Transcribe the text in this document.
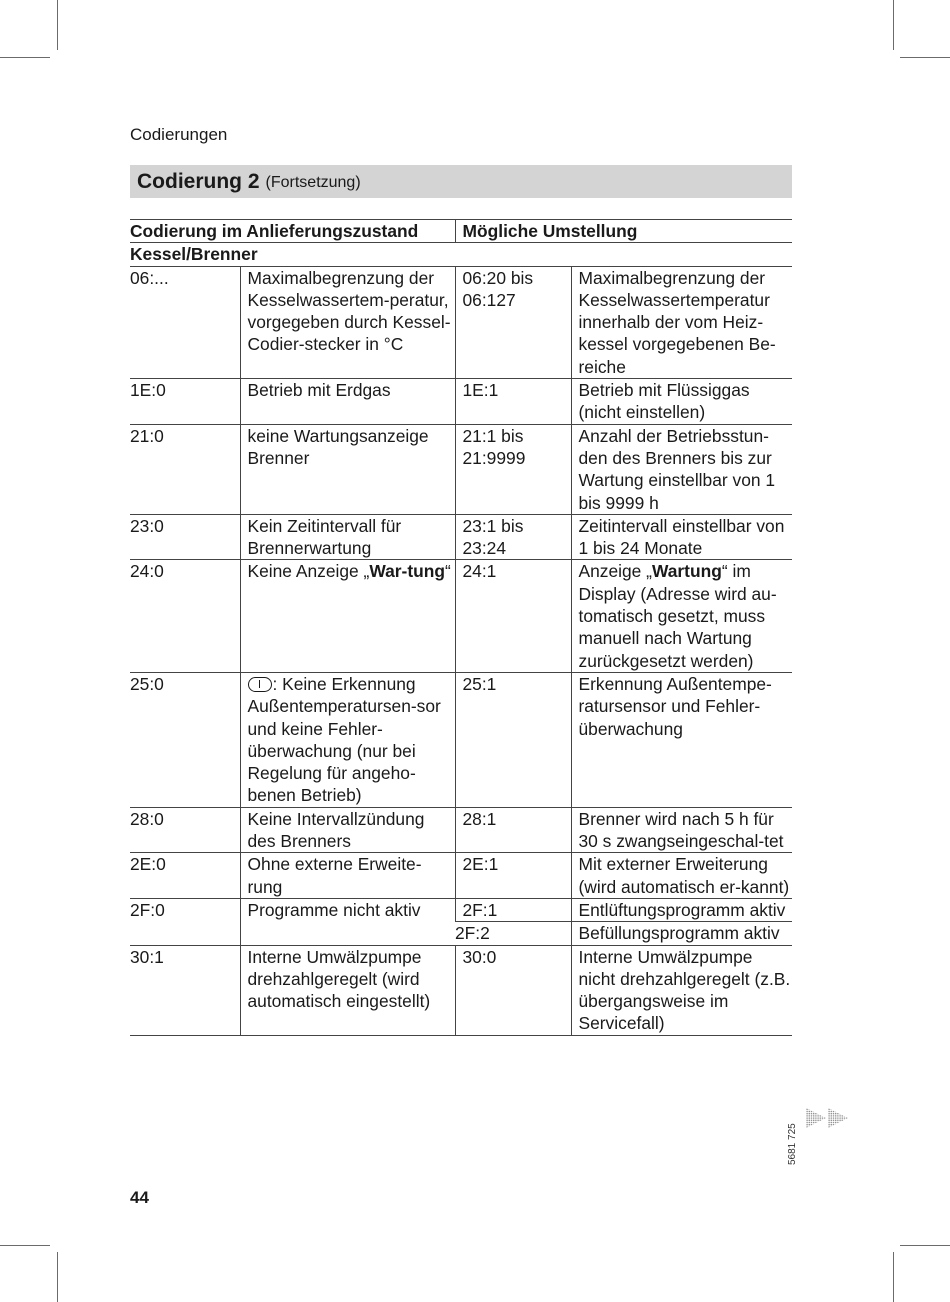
Codierungen
Codierung 2 (Fortsetzung)
Codierung im Anlieferungszustand		Mögliche Umstellung	
Kessel/Brenner			
06:...	Maximalbegrenzung der Kesselwassertem-peratur, vorgegeben durch Kessel-Codier-stecker in °C	06:20 bis 06:127	Maximalbegrenzung der Kesselwassertemperatur innerhalb der vom Heiz-kessel vorgegebenen Be-reiche
1E:0	Betrieb mit Erdgas	1E:1	Betrieb mit Flüssiggas (nicht einstellen)
21:0	keine Wartungsanzeige Brenner	21:1 bis 21:9999	Anzahl der Betriebsstun-den des Brenners bis zur Wartung einstellbar von 1 bis 9999 h
23:0	Kein Zeitintervall für Brennerwartung	23:1 bis 23:24	Zeitintervall einstellbar von 1 bis 24 Monate
24:0	Keine Anzeige „War-tung“	24:1	Anzeige „Wartung“ im Display (Adresse wird au-tomatisch gesetzt, muss manuell nach Wartung zurückgesetzt werden)
25:0	: Keine Erkennung Außentemperatursen-sor und keine Fehler-überwachung (nur bei Regelung für angeho-benen Betrieb)	25:1	Erkennung Außentempe-ratursensor und Fehler-überwachung
28:0	Keine Intervallzündung des Brenners	28:1	Brenner wird nach 5 h für 30 s zwangseingeschal-tet
2E:0	Ohne externe Erweite-rung	2E:1	Mit externer Erweiterung (wird automatisch er-kannt)
2F:0	Programme nicht aktiv	2F:1	Entlüftungsprogramm aktiv
		2F:2	Befüllungsprogramm aktiv
30:1	Interne Umwälzpumpe drehzahlgeregelt (wird automatisch eingestellt)	30:0	Interne Umwälzpumpe nicht drehzahlgeregelt (z.B. übergangsweise im Servicefall)
5681 725
44
